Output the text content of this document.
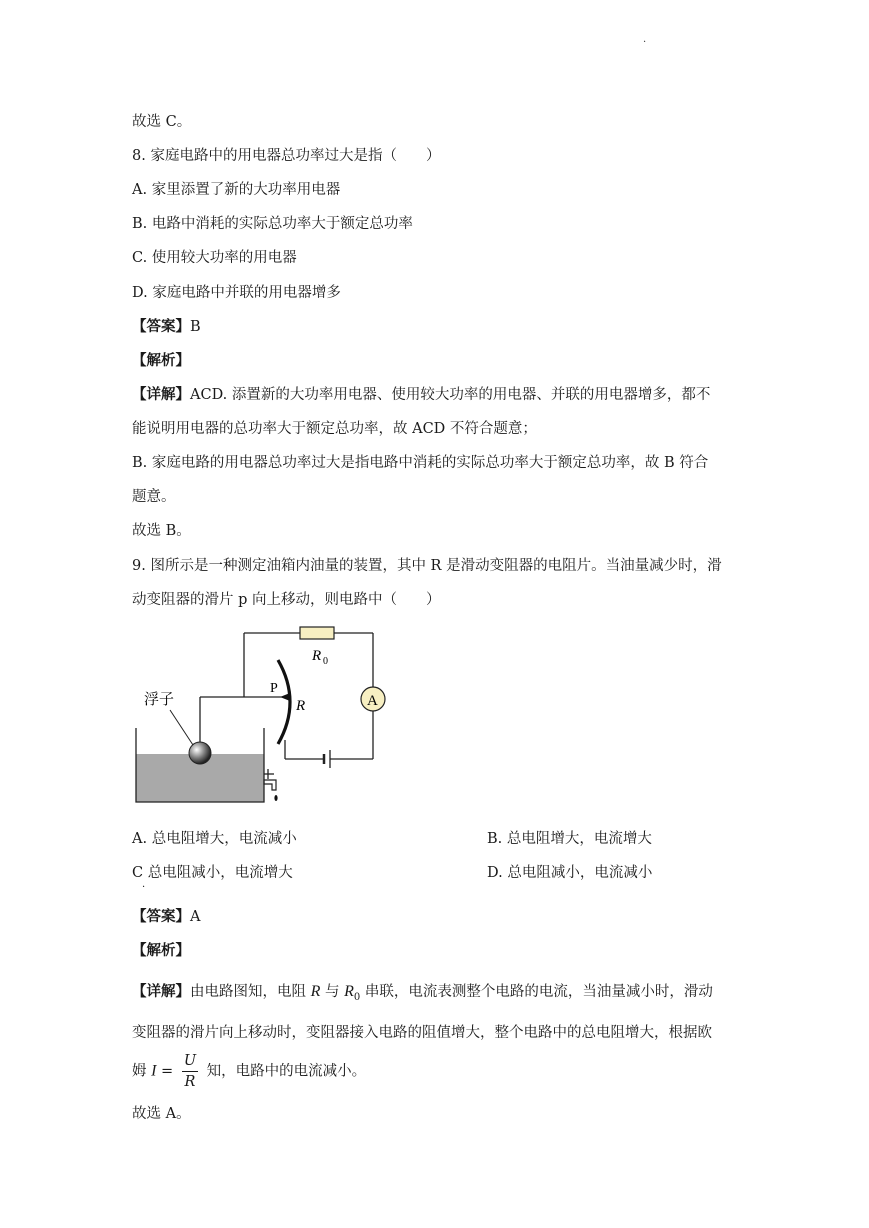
.
故选 C。
8. 家庭电路中的用电器总功率过大是指（　　）
A. 家里添置了新的大功率用电器
B. 电路中消耗的实际总功率大于额定总功率
C. 使用较大功率的用电器
D. 家庭电路中并联的用电器增多
【答案】B
【解析】
【详解】ACD. 添置新的大功率用电器、使用较大功率的用电器、并联的用电器增多，都不
能说明用电器的总功率大于额定总功率，故 ACD 不符合题意；
B. 家庭电路的用电器总功率过大是指电路中消耗的实际总功率大于额定总功率，故 B 符合
题意。
故选 B。
9. 图所示是一种测定油箱内油量的装置，其中 R 是滑动变阻器的电阻片。当油量减少时，滑
动变阻器的滑片 p 向上移动，则电路中（　　）
R 0
A
R
P
浮子
A. 总电阻增大，电流减小	B. 总电阻增大，电流增大
C 总电阻减小，电流增大
·
D. 总电阻减小，电流减小
【答案】A
【解析】
【详解】由电路图知，电阻 R 与 $R_0$ 串联，电流表测整个电路的电流，当油量减小时，滑动
变阻器的滑片向上移动时，变阻器接入电路的阻值增大，整个电路中的总电阻增大，根据欧
姆 $I = \frac{U}{R}$ 知，电路中的电流减小。
故选 A。
